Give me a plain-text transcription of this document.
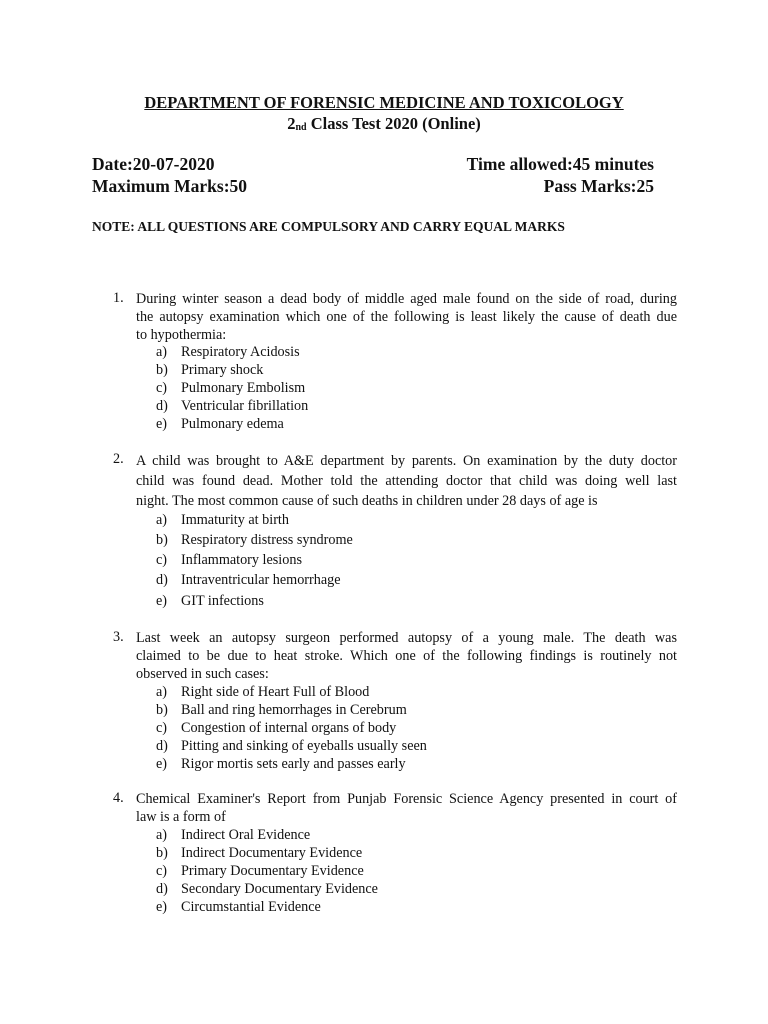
DEPARTMENT OF FORENSIC MEDICINE AND TOXICOLOGY
$2_{nd}$ Class Test 2020 (Online)
Date:20-07-2020	Time allowed:45 minutes
Maximum Marks:50	Pass Marks:25
NOTE: ALL QUESTIONS ARE COMPULSORY AND CARRY EQUAL MARKS
1. During winter season a dead body of middle aged male found on the side of road, during
the autopsy examination which one of the following is least likely the cause of death due
to hypothermia:
a) Respiratory Acidosis
b) Primary shock
c) Pulmonary Embolism
d) Ventricular fibrillation
e) Pulmonary edema
2. A child was brought to A&E department by parents. On examination by the duty doctor
child was found dead. Mother told the attending doctor that child was doing well last
night. The most common cause of such deaths in children under 28 days of age is
a) Immaturity at birth
b) Respiratory distress syndrome
c) Inflammatory lesions
d) Intraventricular hemorrhage
e) GIT infections
3. Last week an autopsy surgeon performed autopsy of a young male. The death was
claimed to be due to heat stroke. Which one of the following findings is routinely not
observed in such cases:
a) Right side of Heart Full of Blood
b) Ball and ring hemorrhages in Cerebrum
c) Congestion of internal organs of body
d) Pitting and sinking of eyeballs usually seen
e) Rigor mortis sets early and passes early
4. Chemical Examiner's Report from Punjab Forensic Science Agency presented in court of
law is a form of
a) Indirect Oral Evidence
b) Indirect Documentary Evidence
c) Primary Documentary Evidence
d) Secondary Documentary Evidence
e) Circumstantial Evidence
